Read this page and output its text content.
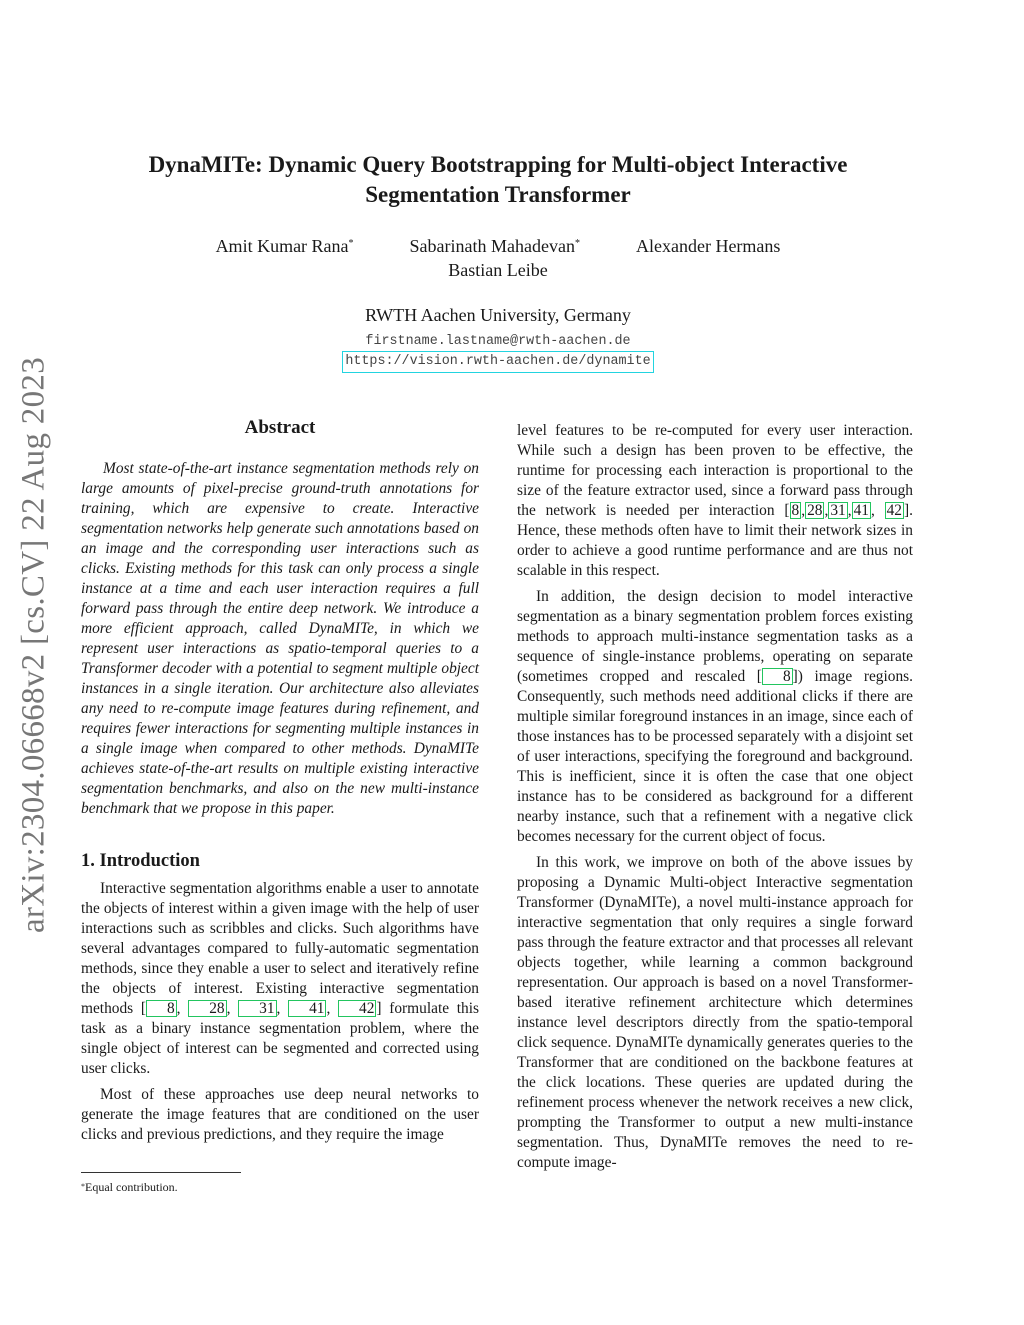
arXiv:2304.06668v2 [cs.CV] 22 Aug 2023
DynaMITe: Dynamic Query Bootstrapping for Multi-object Interactive
Segmentation Transformer
Amit Kumar Rana*	Sabarinath Mahadevan*	Alexander Hermans
Bastian Leibe
RWTH Aachen University, Germany
firstname.lastname@rwth-aachen.de
https://vision.rwth-aachen.de/dynamite
Abstract

Most state-of-the-art instance segmentation methods rely on large amounts of pixel-precise ground-truth annotations for training, which are expensive to create. Interactive segmentation networks help generate such annotations based on an image and the corresponding user interactions such as clicks. Existing methods for this task can only process a single instance at a time and each user interaction requires a full forward pass through the entire deep network. We introduce a more efficient approach, called DynaMITe, in which we represent user interactions as spatio-temporal queries to a Transformer decoder with a potential to segment multiple object instances in a single iteration. Our architecture also alleviates any need to re-compute image features during refinement, and requires fewer interactions for segmenting multiple instances in a single image when compared to other methods. DynaMITe achieves state-of-the-art results on multiple existing interactive segmentation benchmarks, and also on the new multi-instance benchmark that we propose in this paper.

1. Introduction

Interactive segmentation algorithms enable a user to annotate the objects of interest within a given image with the help of user interactions such as scribbles and clicks. Such algorithms have several advantages compared to fully-automatic segmentation methods, since they enable a user to select and iteratively refine the objects of interest. Existing interactive segmentation methods [ 8 , 28 , 31 , 41 , 42 ] formulate this task as a binary instance segmentation problem, where the single object of interest can be segmented and corrected using user clicks.

Most of these approaches use deep neural networks to generate the image features that are conditioned on the user clicks and previous predictions, and they require the image

level features to be re-computed for every user interaction. While such a design has been proven to be effective, the runtime for processing each interaction is proportional to the size of the feature extractor used, since a forward pass through the network is needed per interaction [ 8 , 28 , 31 , 41 , 42 ]. Hence, these methods often have to limit their network sizes in order to achieve a good runtime performance and are thus not scalable in this respect.

In addition, the design decision to model interactive segmentation as a binary segmentation problem forces existing methods to approach multi-instance segmentation tasks as a sequence of single-instance problems, operating on separate (sometimes cropped and rescaled [ 8 ]) image regions. Consequently, such methods need additional clicks if there are multiple similar foreground instances in an image, since each of those instances has to be processed separately with a disjoint set of user interactions, specifying the foreground and background. This is inefficient, since it is often the case that one object instance has to be considered as background for a different nearby instance, such that a refinement with a negative click becomes necessary for the current object of focus.

In this work, we improve on both of the above issues by proposing a Dynamic Multi-object Interactive segmentation Transformer (DynaMITe), a novel multi-instance approach for interactive segmentation that only requires a single forward pass through the feature extractor and that processes all relevant objects together, while learning a common background representation. Our approach is based on a novel Transformer-based iterative refinement architecture which determines instance level descriptors directly from the spatio-temporal click sequence. DynaMITe dynamically generates queries to the Transformer that are conditioned on the backbone features at the click locations. These queries are updated during the refinement process whenever the network receives a new click, prompting the Transformer to output a new multi-instance segmentation. Thus, DynaMITe removes the need to re-compute image-

*Equal contribution.
